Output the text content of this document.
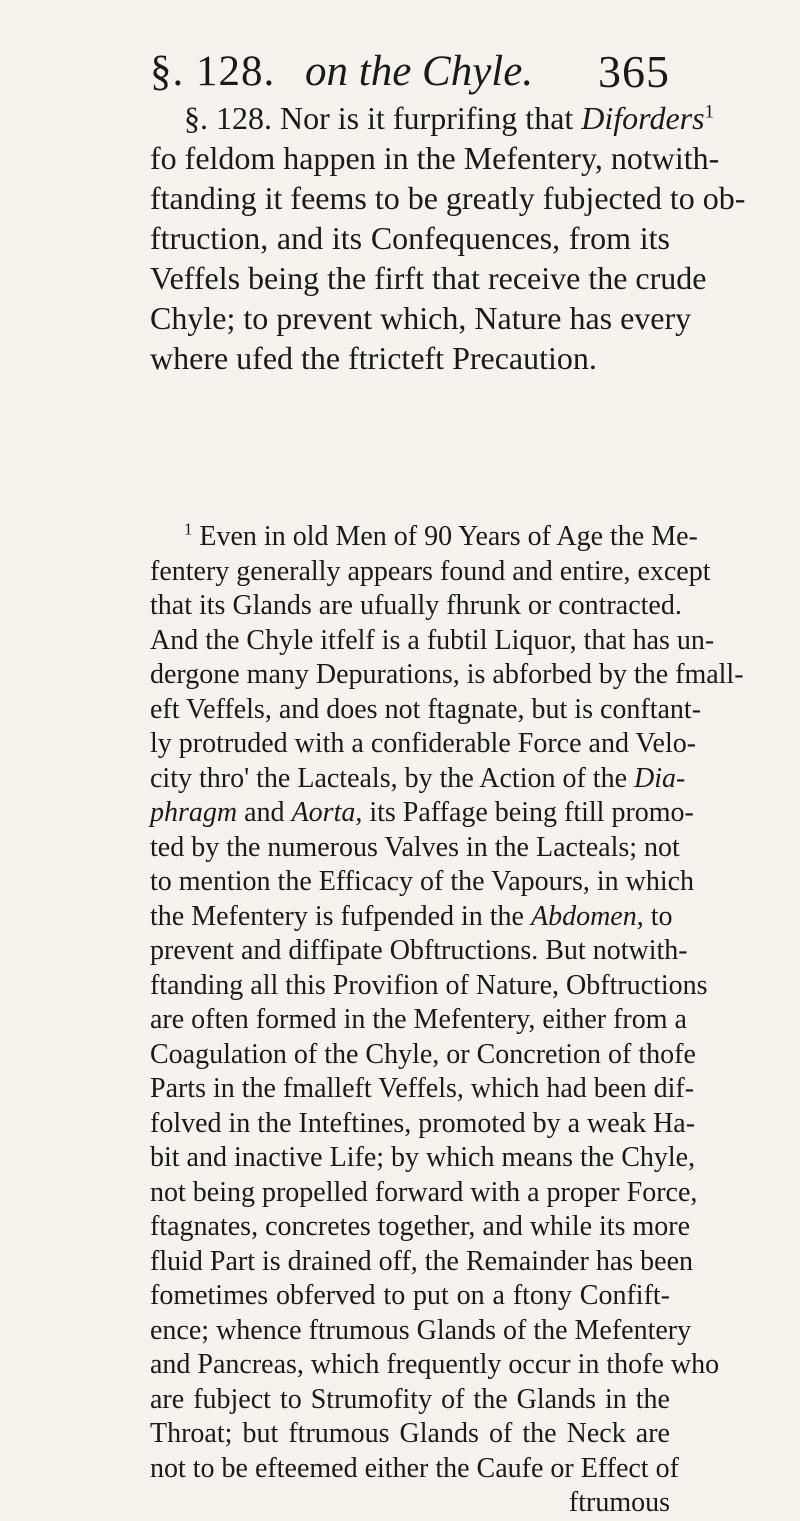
§. 128. on the Chyle. 365
§. 128. Nor is it furprifing that Diforders$^1$
fo feldom happen in the Mefentery, notwith-
ftanding it feems to be greatly fubjected to ob-
ftruction, and its Confequences, from its
Veffels being the firft that receive the crude
Chyle; to prevent which, Nature has every
where ufed the ftricteft Precaution.
$^1$ Even in old Men of 90 Years of Age the Me-
fentery generally appears found and entire, except
that its Glands are ufually fhrunk or contracted.
And the Chyle itfelf is a fubtil Liquor, that has un-
dergone many Depurations, is abforbed by the fmall-
eft Veffels, and does not ftagnate, but is conftant-
ly protruded with a confiderable Force and Velo-
city thro' the Lacteals, by the Action of the Dia-
phragm and Aorta, its Paffage being ftill promo-
ted by the numerous Valves in the Lacteals; not
to mention the Efficacy of the Vapours, in which
the Mefentery is fufpended in the Abdomen, to
prevent and diffipate Obftructions. But notwith-
ftanding all this Provifion of Nature, Obftructions
are often formed in the Mefentery, either from a
Coagulation of the Chyle, or Concretion of thofe
Parts in the fmalleft Veffels, which had been dif-
folved in the Inteftines, promoted by a weak Ha-
bit and inactive Life; by which means the Chyle,
not being propelled forward with a proper Force,
ftagnates, concretes together, and while its more
fluid Part is drained off, the Remainder has been
fometimes obferved to put on a ftony Confift-
ence; whence ftrumous Glands of the Mefentery
and Pancreas, which frequently occur in thofe who
are fubject to Strumofity of the Glands in the
Throat; but ftrumous Glands of the Neck are
not to be efteemed either the Caufe or Effect of
ftrumous
